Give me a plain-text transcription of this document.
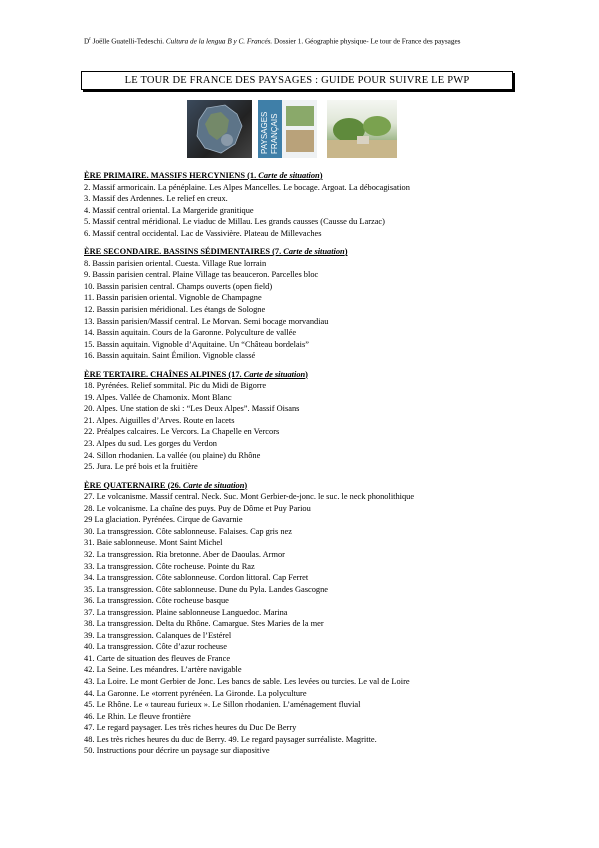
$D^r$ Joëlle Guatelli-Tedeschi. Cultura de la lengua B y C. Francés. Dossier 1. Géographie physique- Le tour de France des paysages
LE TOUR DE FRANCE DES PAYSAGES : GUIDE POUR SUIVRE LE PWP
PAYSAGES FRANÇAIS
ÈRE PRIMAIRE. MASSIFS HERCYNIENS (1. Carte de situation)
2. Massif armoricain. La pénéplaine. Les Alpes Mancelles. Le bocage. Argoat. La débocagisation
3. Massif des Ardennes. Le relief en creux.
4. Massif central oriental. La Margeride granitique
5. Massif central méridional. Le viaduc de Millau. Les grands causses (Causse du Larzac)
6. Massif central occidental. Lac de Vassivière. Plateau de Millevaches
ÈRE SECONDAIRE. BASSINS SÉDIMENTAIRES (7. Carte de situation)
8. Bassin parisien oriental. Cuesta. Village Rue lorrain
9. Bassin parisien central. Plaine Village tas beauceron. Parcelles bloc
10. Bassin parisien central. Champs ouverts (open field)
11. Bassin parisien oriental. Vignoble de Champagne
12. Bassin parisien méridional. Les étangs de Sologne
13. Bassin parisien/Massif central. Le Morvan. Semi bocage morvandiau
14. Bassin aquitain. Cours de la Garonne. Polyculture de vallée
15. Bassin aquitain. Vignoble d’Aquitaine. Un “Château bordelais”
16. Bassin aquitain. Saint Émilion. Vignoble classé
ÈRE TERTAIRE. CHAÎNES ALPINES (17. Carte de situation)
18. Pyrénées. Relief sommital. Pic du Midi de Bigorre
19. Alpes. Vallée de Chamonix. Mont Blanc
20. Alpes. Une station de ski : “Les Deux Alpes”. Massif Oisans
21. Alpes. Aiguilles d’Arves. Route en lacets
22. Préalpes calcaires. Le Vercors. La Chapelle en Vercors
23. Alpes du sud. Les gorges du Verdon
24. Sillon rhodanien. La vallée (ou plaine) du Rhône
25. Jura. Le pré bois et la fruitière
ÈRE QUATERNAIRE (26. Carte de situation)
27. Le volcanisme. Massif central. Neck. Suc. Mont Gerbier-de-jonc. le suc. le neck phonolithique
28. Le volcanisme. La chaîne des puys. Puy de Dôme et Puy Pariou
29 La glaciation. Pyrénées. Cirque de Gavarnie
30. La transgression. Côte sablonneuse. Falaises. Cap gris nez
31. Baie sablonneuse. Mont Saint Michel
32. La transgression. Ria bretonne. Aber de Daoulas. Armor
33. La transgression. Côte rocheuse. Pointe du Raz
34. La transgression. Côte sablonneuse. Cordon littoral. Cap Ferret
35. La transgression. Côte sablonneuse. Dune du Pyla. Landes Gascogne
36. La transgression. Côte rocheuse basque
37. La transgression. Plaine sablonneuse Languedoc. Marina
38. La transgression. Delta du Rhône. Camargue. Stes Maries de la mer
39. La transgression. Calanques de l’Estérel
40. La transgression. Côte d’azur rocheuse
41. Carte de situation des fleuves de France
42. La Seine. Les méandres. L’artère navigable
43. La Loire. Le mont Gerbier de Jonc. Les bancs de sable. Les levées ou turcies. Le val de Loire
44. La Garonne. Le «torrent pyrénéen. La Gironde. La polyculture
45. Le Rhône. Le « taureau furieux ». Le Sillon rhodanien. L’aménagement fluvial
46. Le Rhin. Le fleuve frontière
47. Le regard paysager. Les très riches heures du Duc De Berry
48. Les très riches heures du duc de Berry. 49. Le regard paysager surréaliste. Magritte.
50. Instructions pour décrire un paysage sur diapositive
